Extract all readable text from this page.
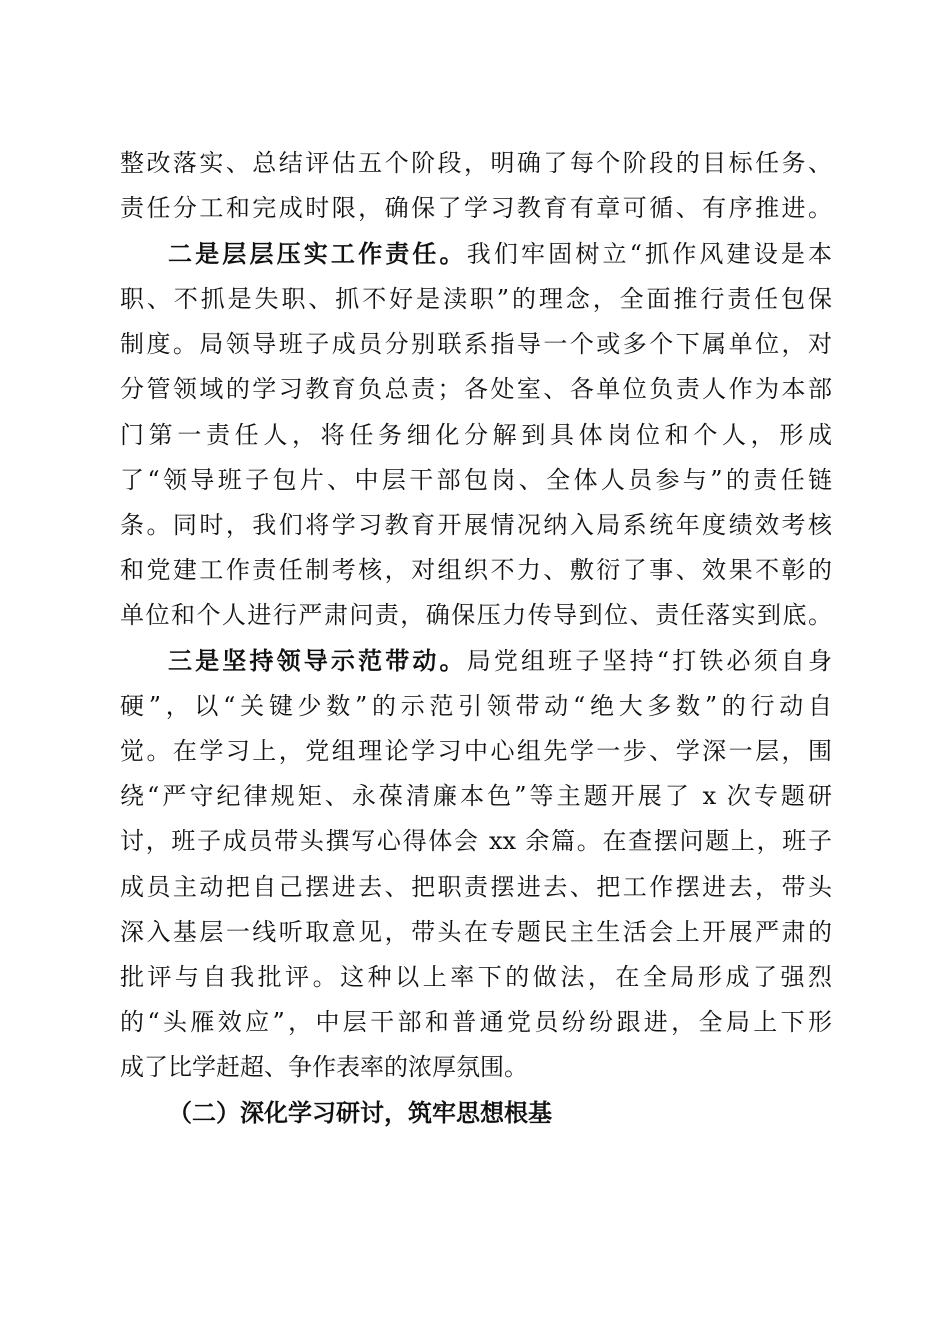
整改落实、总结评估五个阶段，明确了每个阶段的目标任务、
责任分工和完成时限，确保了学习教育有章可循、有序推进。
二是层层压实工作责任。我们牢固树立“抓作风建设是本
职、不抓是失职、抓不好是渎职”的理念，全面推行责任包保
制度。局领导班子成员分别联系指导一个或多个下属单位，对
分管领域的学习教育负总责；各处室、各单位负责人作为本部
门第一责任人，将任务细化分解到具体岗位和个人，形成
了“领导班子包片、中层干部包岗、全体人员参与”的责任链
条。同时，我们将学习教育开展情况纳入局系统年度绩效考核
和党建工作责任制考核，对组织不力、敷衍了事、效果不彰的
单位和个人进行严肃问责，确保压力传导到位、责任落实到底。
三是坚持领导示范带动。局党组班子坚持“打铁必须自身
硬”，以“关键少数”的示范引领带动“绝大多数”的行动自
觉。在学习上，党组理论学习中心组先学一步、学深一层，围
绕“严守纪律规矩、永葆清廉本色”等主题开展了 x 次专题研
讨，班子成员带头撰写心得体会 xx 余篇。在查摆问题上，班子
成员主动把自己摆进去、把职责摆进去、把工作摆进去，带头
深入基层一线听取意见，带头在专题民主生活会上开展严肃的
批评与自我批评。这种以上率下的做法，在全局形成了强烈
的“头雁效应”，中层干部和普通党员纷纷跟进，全局上下形
成了比学赶超、争作表率的浓厚氛围。
（二）深化学习研讨，筑牢思想根基
